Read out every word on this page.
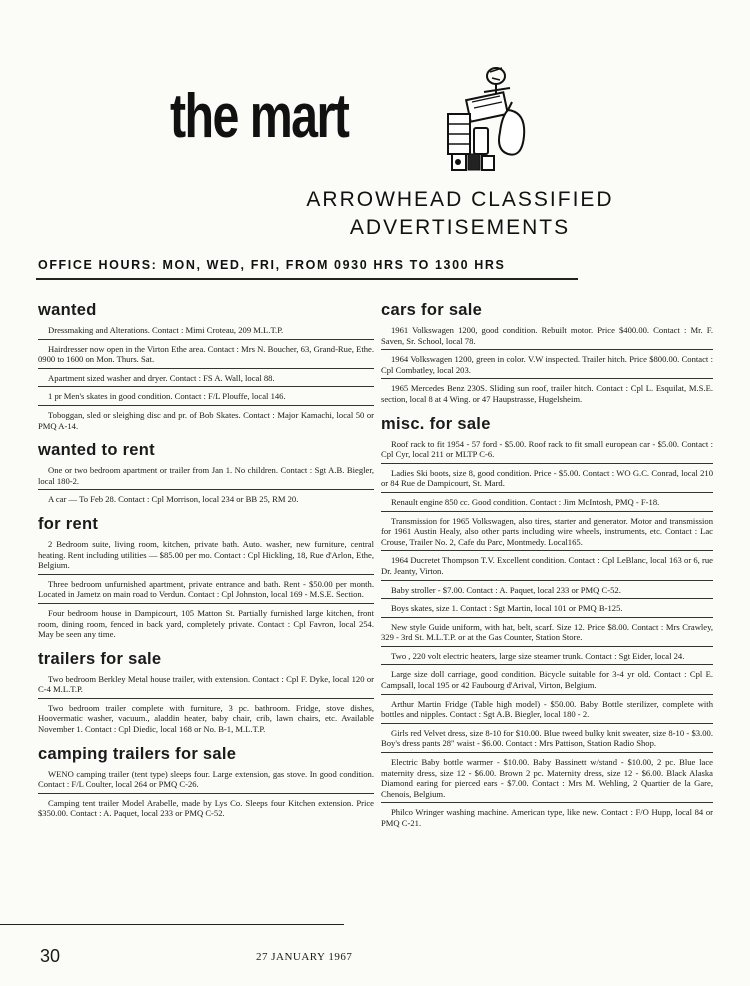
the mart
ARROWHEAD CLASSIFIED
ADVERTISEMENTS
OFFICE HOURS: MON, WED, FRI, FROM 0930 HRS TO 1300 HRS
wanted
Dressmaking and Alterations. Contact : Mimi Croteau, 209 M.L.T.P.
Hairdresser now open in the Virton Ethe area. Contact : Mrs N. Boucher, 63, Grand-Rue, Ethe. 0900 to 1600 on Mon. Thurs. Sat.
Apartment sized washer and dryer. Contact : FS A. Wall, local 88.
1 pr Men's skates in good condition. Contact : F/L Plouffe, local 146.
Toboggan, sled or sleighing disc and pr. of Bob Skates. Contact : Major Kamachi, local 50 or PMQ A-14.
wanted to rent
One or two bedroom apartment or trailer from Jan 1. No children. Contact : Sgt A.B. Biegler, local 180-2.
A car — To Feb 28. Contact : Cpl Morrison, local 234 or BB 25, RM 20.
for rent
2 Bedroom suite, living room, kitchen, private bath. Auto. washer, new furniture, central heating. Rent including utilities — $85.00 per mo. Contact : Cpl Hickling, 18, Rue d'Arlon, Ethe, Belgium.
Three bedroom unfurnished apartment, private entrance and bath. Rent - $50.00 per month. Located in Jametz on main road to Verdun. Contact : Cpl Johnston, local 169 - M.S.E. Section.
Four bedroom house in Dampicourt, 105 Matton St. Partially furnished large kitchen, front room, dining room, fenced in back yard, completely private. Contact : Cpl Favron, local 254. May be seen any time.
trailers for sale
Two bedroom Berkley Metal house trailer, with extension. Contact : Cpl F. Dyke, local 120 or C-4 M.L.T.P.
Two bedroom trailer complete with furniture, 3 pc. bathroom. Fridge, stove dishes, Hoovermatic washer, vacuum., aladdin heater, baby chair, crib, lawn chairs, etc. Available November 1. Contact : Cpl Diedic, local 168 or No. B-1, M.L.T.P.
camping trailers for sale
WENO camping trailer (tent type) sleeps four. Large extension, gas stove. In good condition. Contact : F/L Coulter, local 264 or PMQ C-26.
Camping tent trailer Model Arabelle, made by Lys Co. Sleeps four Kitchen extension. Price $350.00. Contact : A. Paquet, local 233 or PMQ C-52.
cars for sale
1961 Volkswagen 1200, good condition. Rebuilt motor. Price $400.00. Contact : Mr. F. Saven, Sr. School, local 78.
1964 Volkswagen 1200, green in color. V.W inspected. Trailer hitch. Price $800.00. Contact : Cpl Combatley, local 203.
1965 Mercedes Benz 230S. Sliding sun roof, trailer hitch. Contact : Cpl L. Esquilat, M.S.E. section, local 8 at 4 Wing. or 47 Haupstrasse, Hugelsheim.
misc. for sale
Roof rack to fit 1954 - 57 ford - $5.00. Roof rack to fit small european car - $5.00. Contact : Cpl Cyr, local 211 or MLTP C-6.
Ladies Ski boots, size 8, good condition. Price - $5.00. Contact : WO G.C. Conrad, local 210 or 84 Rue de Dampicourt, St. Mard.
Renault engine 850 cc. Good condition. Contact : Jim McIntosh, PMQ - F-18.
Transmission for 1965 Volkswagen, also tires, starter and generator. Motor and transmission for 1961 Austin Healy, also other parts including wire wheels, instruments, etc. Contact : Lac Crouse, Trailer No. 2, Cafe du Parc, Montmedy. Local165.
1964 Ducretet Thompson T.V. Excellent condition. Contact : Cpl LeBlanc, local 163 or 6, rue Dr. Jeanty, Virton.
Baby stroller - $7.00. Contact : A. Paquet, local 233 or PMQ C-52.
Boys skates, size 1. Contact : Sgt Martin, local 101 or PMQ B-125.
New style Guide uniform, with hat, belt, scarf. Size 12. Price $8.00. Contact : Mrs Crawley, 329 - 3rd St. M.L.T.P. or at the Gas Counter, Station Store.
Two , 220 volt electric heaters, large size steamer trunk. Contact : Sgt Eider, local 24.
Large size doll carriage, good condition. Bicycle suitable for 3-4 yr old. Contact : Cpl E. Campsall, local 195 or 42 Faubourg d'Arival, Virton, Belgium.
Arthur Martin Fridge (Table high model) - $50.00. Baby Bottle sterilizer, complete with bottles and nipples. Contact : Sgt A.B. Biegler, local 180 - 2.
Girls red Velvet dress, size 8-10 for $10.00. Blue tweed bulky knit sweater, size 8-10 - $3.00. Boy's dress pants 28" waist - $6.00. Contact : Mrs Pattison, Station Radio Shop.
Electric Baby bottle warmer - $10.00. Baby Bassinett w/stand - $10.00, 2 pc. Blue lace maternity dress, size 12 - $6.00. Brown 2 pc. Maternity dress, size 12 - $6.00. Black Alaska Diamond earing for pierced ears - $7.00. Contact : Mrs M. Wehling, 2 Quartier de la Gare, Chenois, Belgium.
Philco Wringer washing machine. American type, like new. Contact : F/O Hupp, local 84 or PMQ C-21.
30	27 JANUARY 1967
